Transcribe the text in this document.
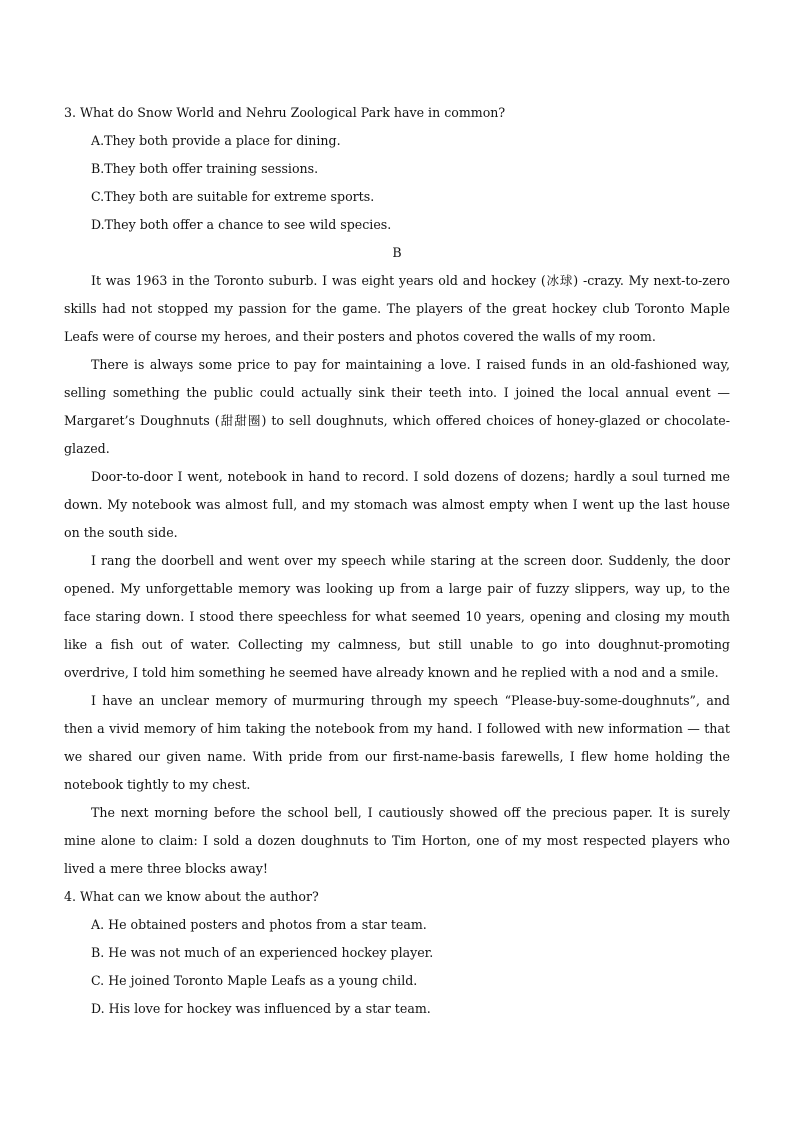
3. What do Snow World and Nehru Zoological Park have in common?
A.They both provide a place for dining.
B.They both offer training sessions.
C.They both are suitable for extreme sports.
D.They both offer a chance to see wild species.
B

It was 1963 in the Toronto suburb. I was eight years old and hockey (冰球) -crazy. My next-to-zero skills had not stopped my passion for the game. The players of the great hockey club Toronto Maple Leafs were of course my heroes, and their posters and photos covered the walls of my room.

There is always some price to pay for maintaining a love. I raised funds in an old-fashioned way, selling something the public could actually sink their teeth into. I joined the local annual event — Margaret’s Doughnuts (甜甜圈) to sell doughnuts, which offered choices of honey-glazed or chocolate-glazed.

Door-to-door I went, notebook in hand to record. I sold dozens of dozens; hardly a soul turned me down. My notebook was almost full, and my stomach was almost empty when I went up the last house on the south side.

I rang the doorbell and went over my speech while staring at the screen door. Suddenly, the door opened. My unforgettable memory was looking up from a large pair of fuzzy slippers, way up, to the face staring down. I stood there speechless for what seemed 10 years, opening and closing my mouth like a fish out of water. Collecting my calmness, but still unable to go into doughnut-promoting overdrive, I told him something he seemed have already known and he replied with a nod and a smile.

I have an unclear memory of murmuring through my speech “Please-buy-some-doughnuts”, and then a vivid memory of him taking the notebook from my hand. I followed with new information — that we shared our given name. With pride from our first-name-basis farewells, I flew home holding the notebook tightly to my chest.

The next morning before the school bell, I cautiously showed off the precious paper. It is surely mine alone to claim: I sold a dozen doughnuts to Tim Horton, one of my most respected players who lived a mere three blocks away!

4. What can we know about the author?
A. He obtained posters and photos from a star team.
B. He was not much of an experienced hockey player.
C. He joined Toronto Maple Leafs as a young child.
D. His love for hockey was influenced by a star team.
